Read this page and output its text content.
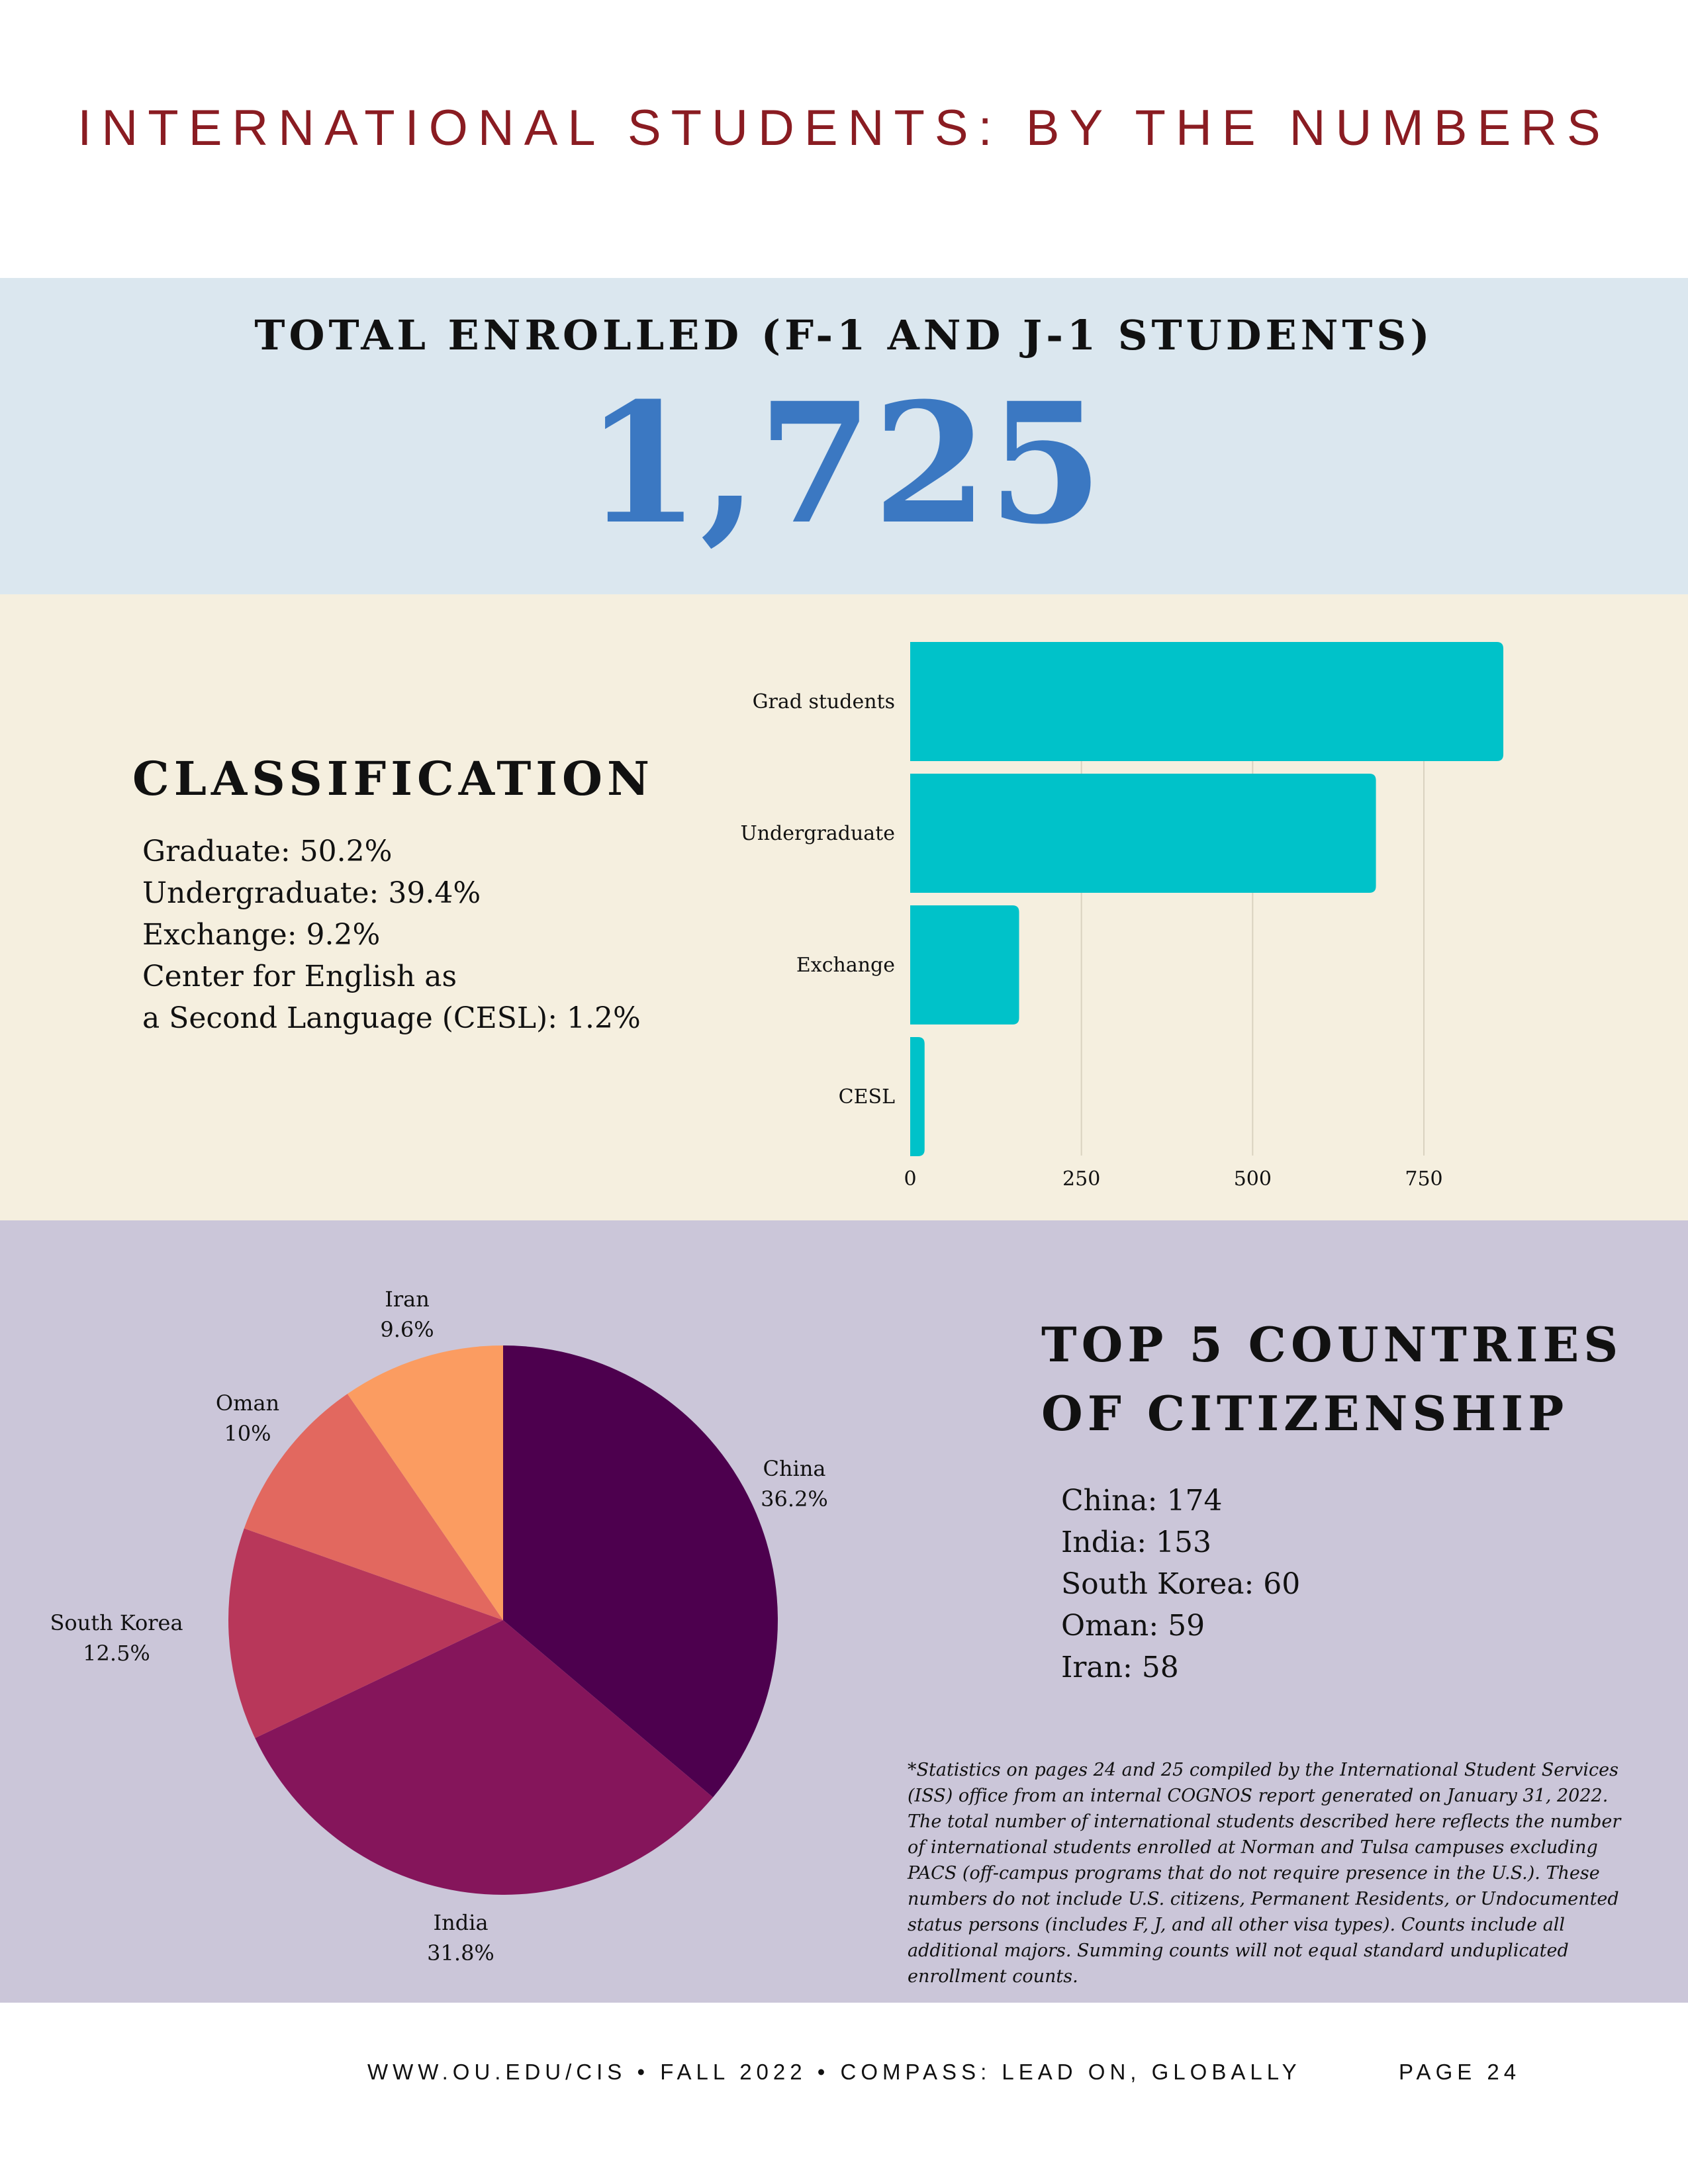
INTERNATIONAL STUDENTS: BY THE NUMBERS
TOTAL ENROLLED (F-1 AND J-1 STUDENTS)
1,725
CLASSIFICATION
Graduate: 50.2%
Undergraduate: 39.4%
Exchange: 9.2%
Center for English as
a Second Language (CESL): 1.2%
0	250	500	750
Grad students
Undergraduate
Exchange
CESL
China
36.2%
India
31.8%
South Korea
12.5%
Oman
10%
Iran
9.6%	TOP 5 COUNTRIES
OF CITIZENSHIP
China: 174
India: 153
South Korea: 60
Oman: 59
Iran: 58
*Statistics on pages 24 and 25 compiled by the International Student Services (ISS) office from an internal COGNOS report generated on January 31, 2022. The total number of international students described here reflects the number of international students enrolled at Norman and Tulsa campuses excluding PACS (off-campus programs that do not require presence in the U.S.). These numbers do not include U.S. citizens, Permanent Residents, or Undocumented status persons (includes F, J, and all other visa types). Counts include all additional majors. Summing counts will not equal standard unduplicated enrollment counts.
WWW.OU.EDU/CIS • FALL 2022 • COMPASS: LEAD ON, GLOBALLY	PAGE 24
